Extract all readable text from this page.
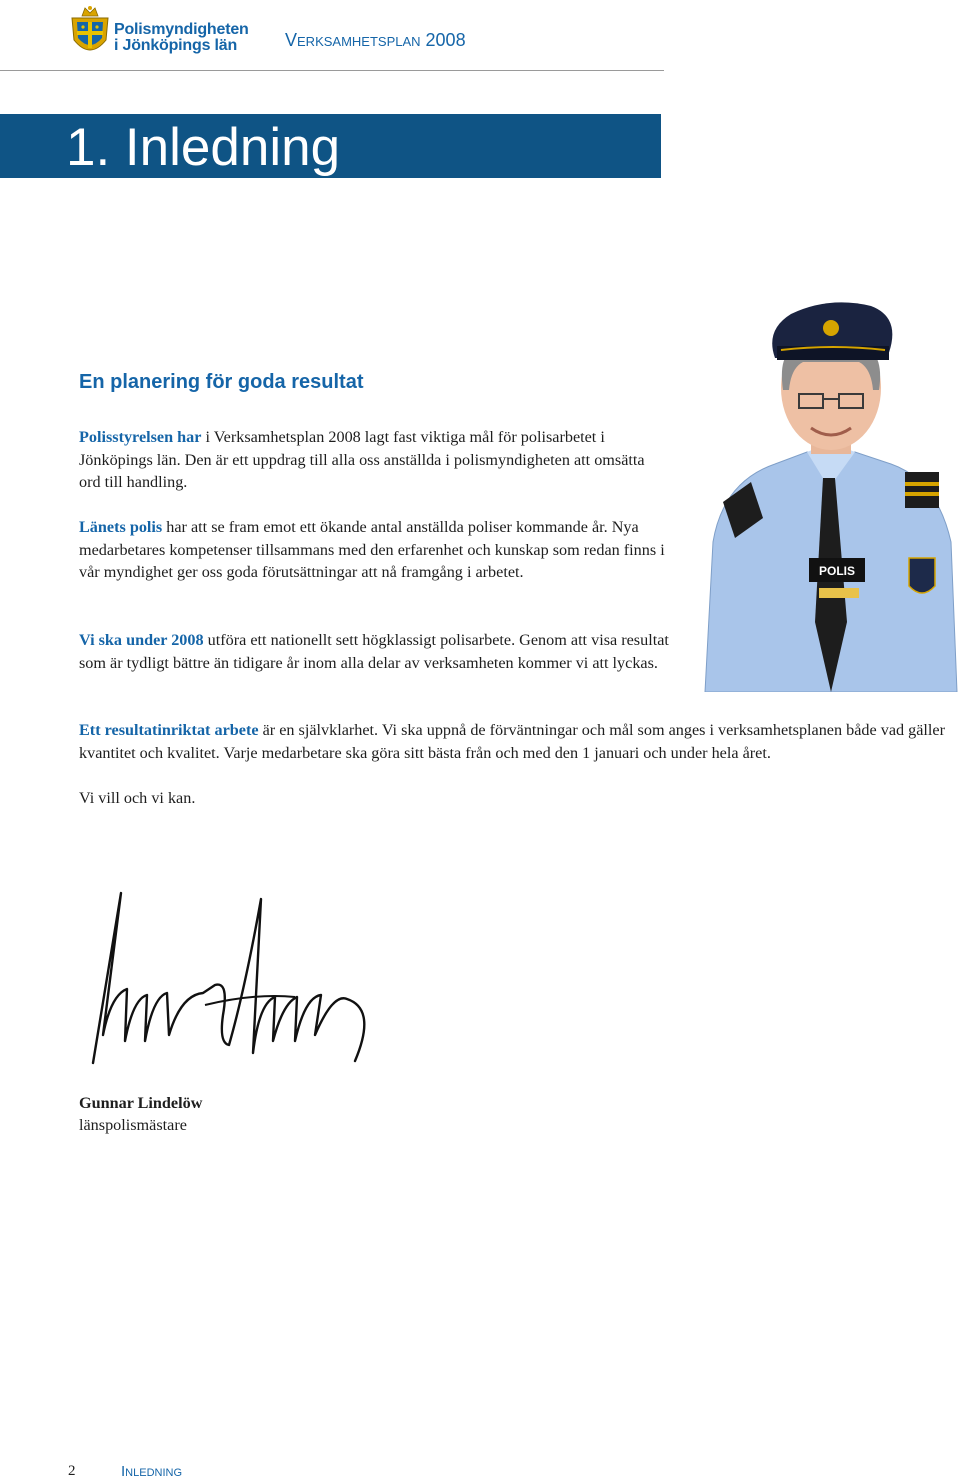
Polismyndigheten
i Jönköpings län	Verksamhetsplan 2008
1. Inledning
En planering för goda resultat

Polisstyrelsen har i Verksamhetsplan 2008 lagt fast viktiga mål för polisarbetet i Jönköpings län. Den är ett uppdrag till alla oss anställda i polismyndigheten att omsätta ord till handling.

Länets polis har att se fram emot ett ökande antal anställda poliser kommande år. Nya medarbetares kompetenser tillsammans med den erfarenhet och kunskap som redan finns i vår myndighet ger oss goda förutsättningar att nå framgång i arbetet.

Vi ska under 2008 utföra ett nationellt sett högklassigt polisarbete. Genom att visa resultat som är tydligt bättre än tidigare år inom alla delar av verksamheten kommer vi att lyckas.

Ett resultatinriktat arbete är en självklarhet. Vi ska uppnå de förväntningar och mål som anges i verksamhetsplanen både vad gäller kvantitet och kvalitet. Varje medarbetare ska göra sitt bästa från och med den 1 januari och under hela året.

Vi vill och vi kan.

POLIS
Gunnar Lindelöw
länspolismästare
2	Inledning
